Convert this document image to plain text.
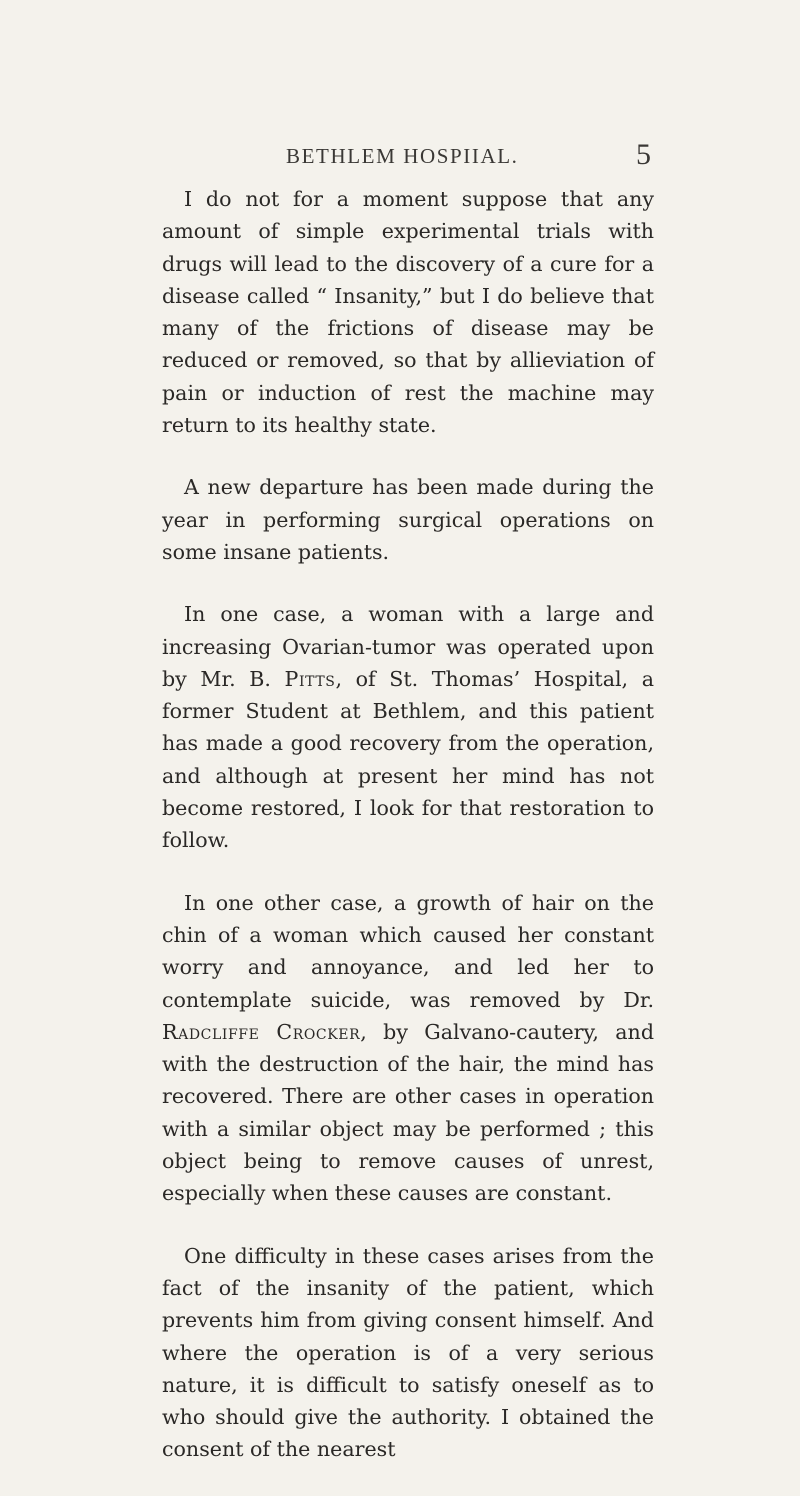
BETHLEM HOSPIIAL.	5

I do not for a moment suppose that any amount of simple experimental trials with drugs will lead to the discovery of a cure for a disease called “ Insanity,” but I do believe that many of the frictions of disease may be reduced or removed, so that by allieviation of pain or induction of rest the machine may return to its healthy state.

A new departure has been made during the year in performing surgical operations on some insane patients.

In one case, a woman with a large and increasing Ovarian-tumor was operated upon by Mr. B. Pitts, of St. Thomas’ Hospital, a former Student at Bethlem, and this patient has made a good recovery from the operation, and although at present her mind has not become restored, I look for that restoration to follow.

In one other case, a growth of hair on the chin of a woman which caused her constant worry and annoyance, and led her to contemplate suicide, was removed by Dr. Radcliffe Crocker, by Galvano-cautery, and with the destruction of the hair, the mind has recovered. There are other cases in operation with a similar object may be performed ; this object being to remove causes of unrest, especially when these causes are constant.

One difficulty in these cases arises from the fact of the insanity of the patient, which prevents him from giving consent himself. And where the operation is of a very serious nature, it is difficult to satisfy oneself as to who should give the authority. I obtained the consent of the nearest
